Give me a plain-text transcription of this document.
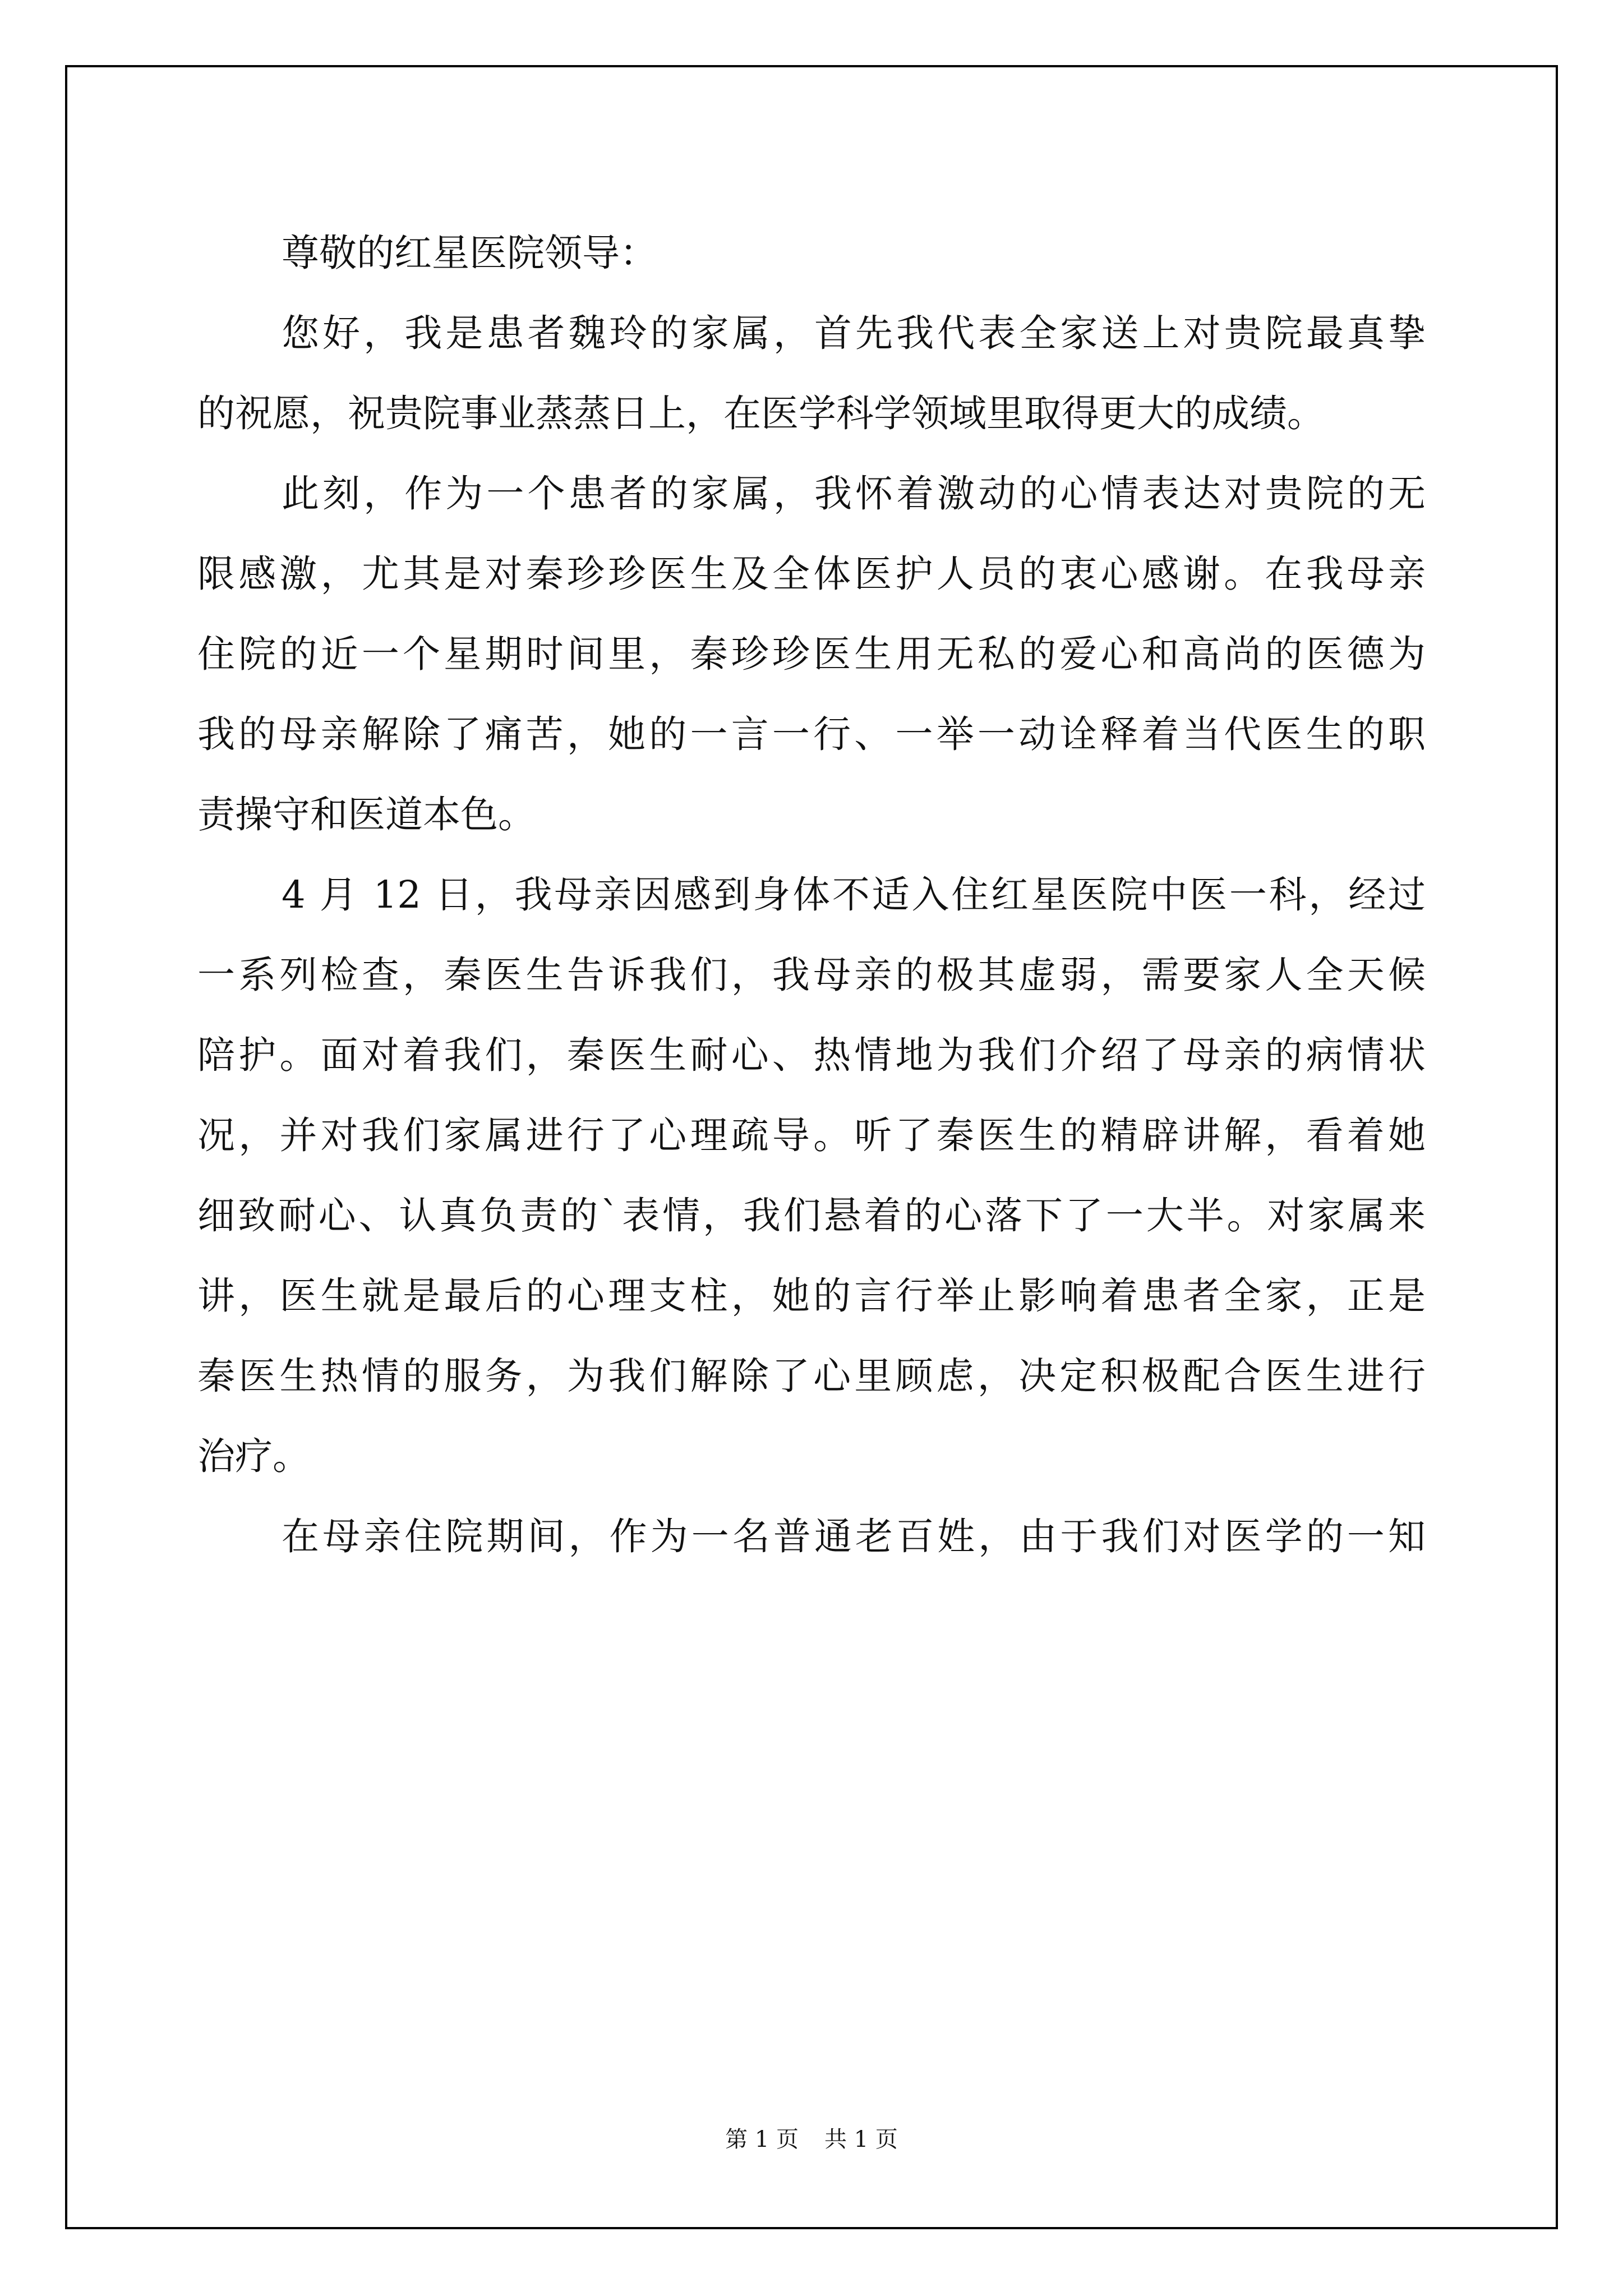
尊敬的红星医院领导：
您好，我是患者魏玲的家属，首先我代表全家送上对贵院最真挚
的祝愿，祝贵院事业蒸蒸日上，在医学科学领域里取得更大的成绩。
此刻，作为一个患者的家属，我怀着激动的心情表达对贵院的无
限感激，尤其是对秦珍珍医生及全体医护人员的衷心感谢。在我母亲
住院的近一个星期时间里，秦珍珍医生用无私的爱心和高尚的医德为
我的母亲解除了痛苦，她的一言一行、一举一动诠释着当代医生的职
责操守和医道本色。
4 月 12 日，我母亲因感到身体不适入住红星医院中医一科，经过
一系列检查，秦医生告诉我们，我母亲的极其虚弱，需要家人全天候
陪护。面对着我们，秦医生耐心、热情地为我们介绍了母亲的病情状
况，并对我们家属进行了心理疏导。听了秦医生的精辟讲解，看着她
细致耐心、认真负责的`表情，我们悬着的心落下了一大半。对家属来
讲，医生就是最后的心理支柱，她的言行举止影响着患者全家，正是
秦医生热情的服务，为我们解除了心里顾虑，决定积极配合医生进行
治疗。
在母亲住院期间，作为一名普通老百姓，由于我们对医学的一知
第 1 页 共 1 页
